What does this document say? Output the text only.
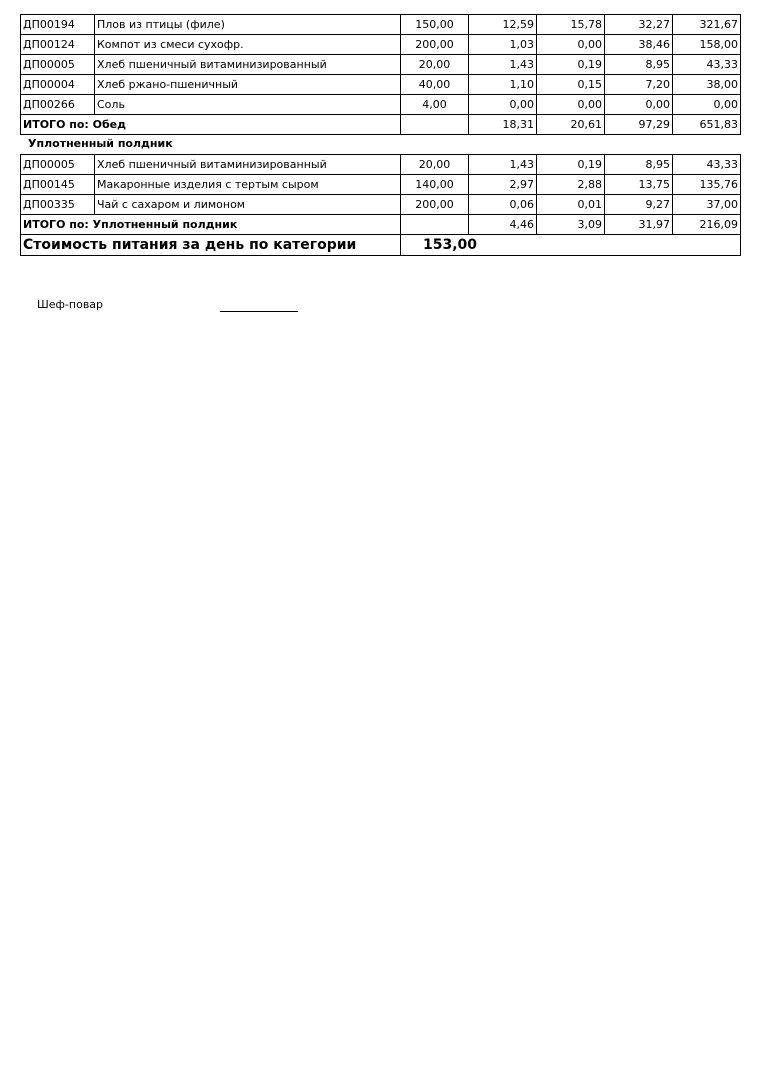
ДП00194	Плов из птицы (филе)	150,00	12,59	15,78	32,27	321,67
ДП00124	Компот из смеси сухофр.	200,00	1,03	0,00	38,46	158,00
ДП00005	Хлеб пшеничный витаминизированный	20,00	1,43	0,19	8,95	43,33
ДП00004	Хлеб ржано-пшеничный	40,00	1,10	0,15	7,20	38,00
ДП00266	Соль	4,00	0,00	0,00	0,00	0,00
ИТОГО по: Обед			18,31	20,61	97,29	651,83
Уплотненный полдник
ДП00005	Хлеб пшеничный витаминизированный	20,00	1,43	0,19	8,95	43,33
ДП00145	Макаронные изделия с тертым сыром	140,00	2,97	2,88	13,75	135,76
ДП00335	Чай с сахаром и лимоном	200,00	0,06	0,01	9,27	37,00
ИТОГО по: Уплотненный полдник			4,46	3,09	31,97	216,09
Стоимость питания за день по категории		153,00				
Шеф-повар
